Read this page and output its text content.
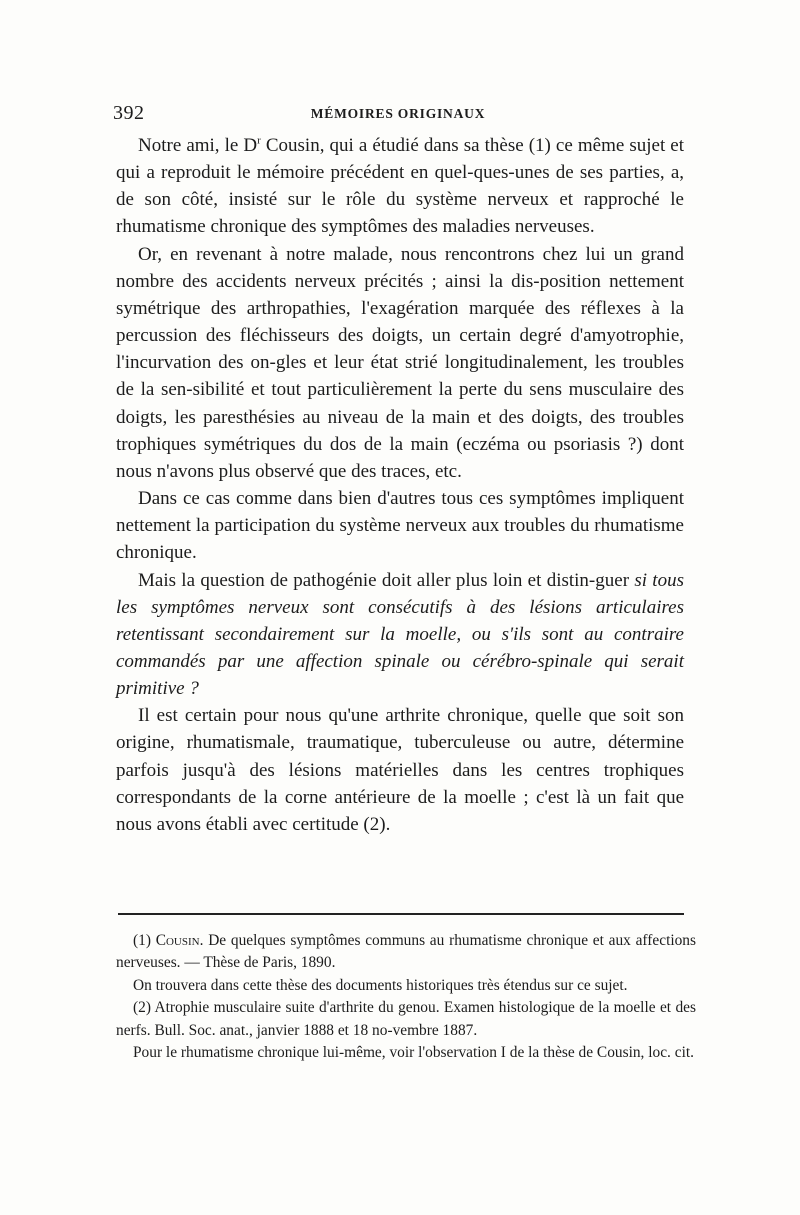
392	MÉMOIRES ORIGINAUX

Notre ami, le $D^r$ Cousin, qui a étudié dans sa thèse (1) ce même sujet et qui a reproduit le mémoire précédent en quel-ques-unes de ses parties, a, de son côté, insisté sur le rôle du système nerveux et rapproché le rhumatisme chronique des symptômes des maladies nerveuses.

Or, en revenant à notre malade, nous rencontrons chez lui un grand nombre des accidents nerveux précités ; ainsi la dis-position nettement symétrique des arthropathies, l'exagération marquée des réflexes à la percussion des fléchisseurs des doigts, un certain degré d'amyotrophie, l'incurvation des on-gles et leur état strié longitudinalement, les troubles de la sen-sibilité et tout particulièrement la perte du sens musculaire des doigts, les paresthésies au niveau de la main et des doigts, des troubles trophiques symétriques du dos de la main (eczéma ou psoriasis ?) dont nous n'avons plus observé que des traces, etc.

Dans ce cas comme dans bien d'autres tous ces symptômes impliquent nettement la participation du système nerveux aux troubles du rhumatisme chronique.

Mais la question de pathogénie doit aller plus loin et distin-guer si tous les symptômes nerveux sont consécutifs à des lésions articulaires retentissant secondairement sur la moelle, ou s'ils sont au contraire commandés par une affection spinale ou cérébro-spinale qui serait primitive ?

Il est certain pour nous qu'une arthrite chronique, quelle que soit son origine, rhumatismale, traumatique, tuberculeuse ou autre, détermine parfois jusqu'à des lésions matérielles dans les centres trophiques correspondants de la corne antérieure de la moelle ; c'est là un fait que nous avons établi avec certitude (2).

(1) Cousin. De quelques symptômes communs au rhumatisme chronique et aux affections nerveuses. — Thèse de Paris, 1890.

On trouvera dans cette thèse des documents historiques très étendus sur ce sujet.

(2) Atrophie musculaire suite d'arthrite du genou. Examen histologique de la moelle et des nerfs. Bull. Soc. anat., janvier 1888 et 18 no-vembre 1887.

Pour le rhumatisme chronique lui-même, voir l'observation I de la thèse de Cousin, loc. cit.
